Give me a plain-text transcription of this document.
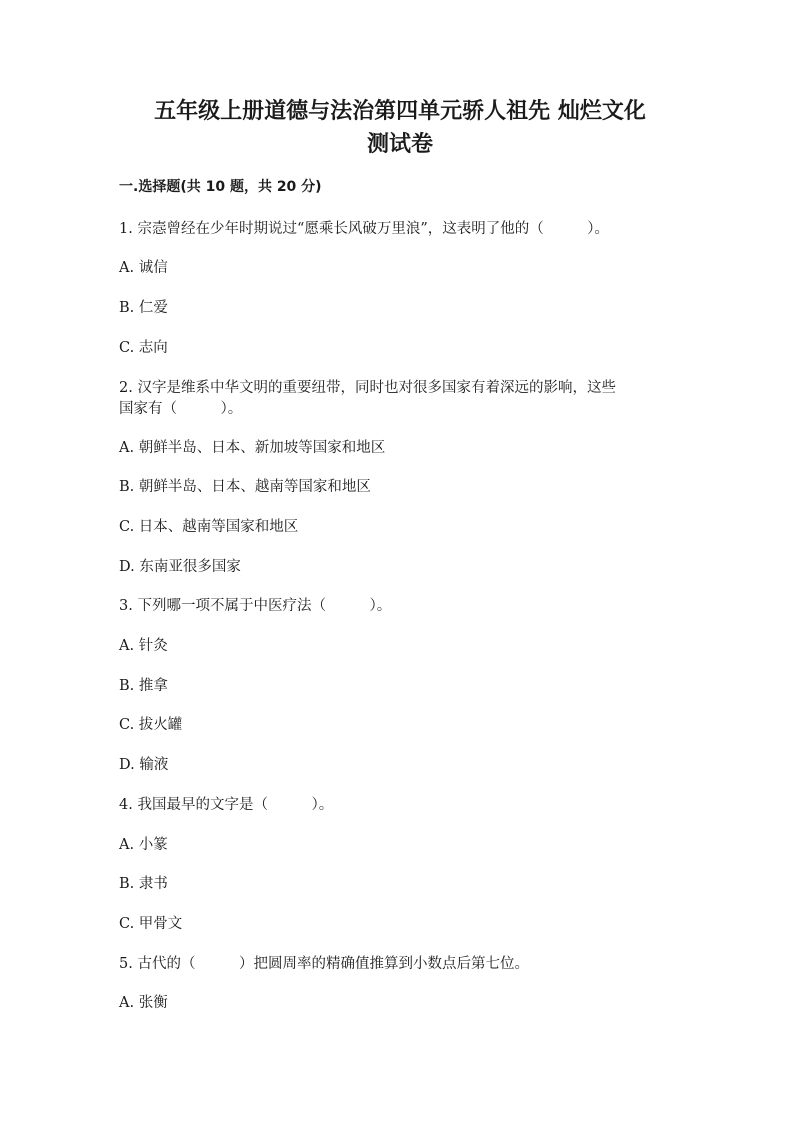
五年级上册道德与法治第四单元骄人祖先 灿烂文化
测试卷
一.选择题(共 10 题，共 20 分)
1. 宗悫曾经在少年时期说过“愿乘长风破万里浪”，这表明了他的（　　　）。
A. 诚信
B. 仁爱
C. 志向
2. 汉字是维系中华文明的重要纽带，同时也对很多国家有着深远的影响，这些
国家有（　　　）。
A. 朝鲜半岛、日本、新加坡等国家和地区
B. 朝鲜半岛、日本、越南等国家和地区
C. 日本、越南等国家和地区
D. 东南亚很多国家
3. 下列哪一项不属于中医疗法（　　　）。
A. 针灸
B. 推拿
C. 拔火罐
D. 输液
4. 我国最早的文字是（　　　）。
A. 小篆
B. 隶书
C. 甲骨文
5. 古代的（　　　）把圆周率的精确值推算到小数点后第七位。
A. 张衡
